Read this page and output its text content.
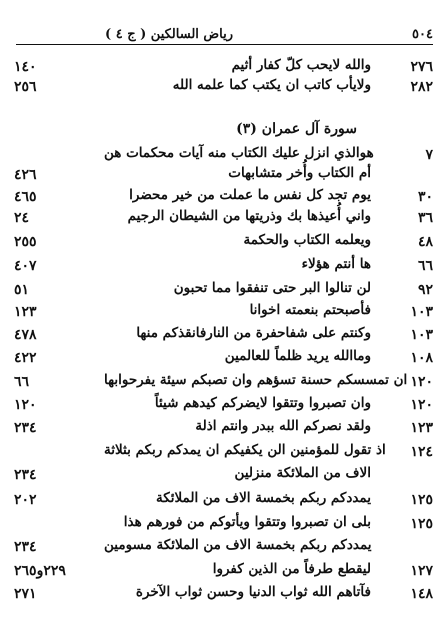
رياض السالكين ( ج ٤ )	٥٠٤
٢٧٦
والله لايحب كلّ كفار أثيم
١٤٠
٢٨٢
ولايأب كاتب ان يكتب كما علمه الله
٢٥٦
(٣) سورة آل عمران
٧
هوالذي انزل عليك الكتاب منه آيات محكمات هن
أم الكتاب وأُخر متشابهات
٤٢٦
٣٠
يوم تجد كل نفس ما عملت من خير محضرا
٤٦٥
٣٦
واني أُعيذها بك وذريتها من الشيطان الرجيم
٢٤
٤٨
ويعلمه الكتاب والحكمة
٢٥٥
٦٦
ها أنتم هؤلاء
٤٠٧
٩٢
لن تنالوا البر حتى تنفقوا مما تحبون
٥١
١٠٣
فأصبحتم بنعمته اخوانا
١٢٣
١٠٣
وكنتم على شفاحفرة من النارفانقذكم منها
٤٧٨
١٠٨
وماالله يريد ظلماً للعالمين
٤٢٢
١٢٠
ان تمسسكم حسنة تسؤهم وان تصبكم سيئة يفرحوابها
٦٦
١٢٠
وان تصبروا وتتقوا لايضركم كيدهم شيئاً
١٢٠
١٢٣
ولقد نصركم الله ببدر وانتم اذلة
٢٣٤
١٢٤
اذ تقول للمؤمنين الن يكفيكم ان يمدكم ربكم بثلاثة
الاف من الملائكة منزلين
٢٣٤
١٢٥
يمددكم ربكم بخمسة الاف من الملائكة
٢٠٢
١٢٥
بلى ان تصبروا وتتقوا ويأتوكم من فورهم هذا
يمددكم ربكم بخمسة الاف من الملائكة مسومين
٢٣٤
١٢٧
ليقطع طرفاً من الذين كفروا
٢٢٩و٢٦٥
١٤٨
فآتاهم الله ثواب الدنيا وحسن ثواب الآخرة
٢٧١
